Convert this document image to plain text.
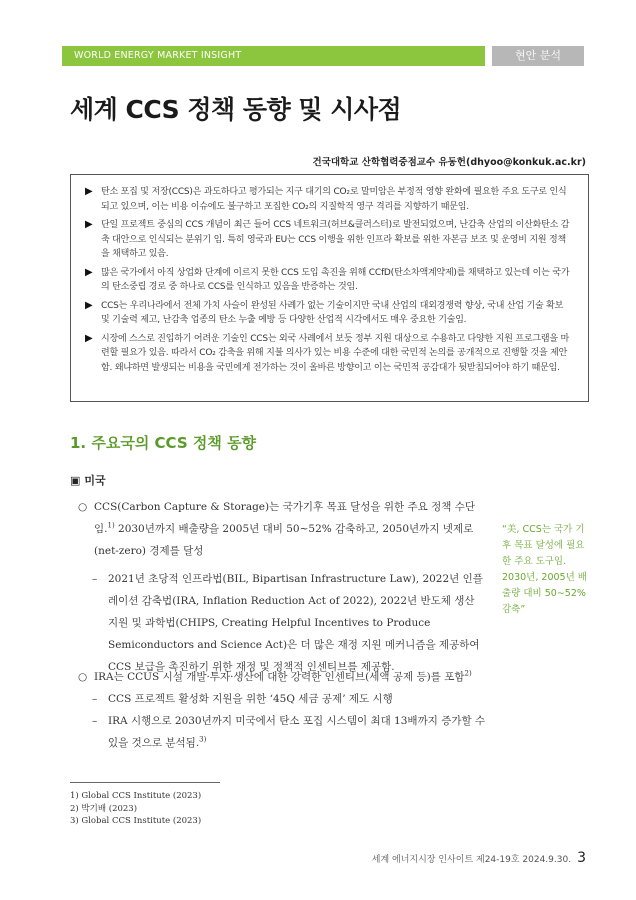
WORLD ENERGY MARKET INSIGHT	현안 분석
세계 CCS 정책 동향 및 시사점
건국대학교 산학협력중점교수 유동헌(dhyoo@konkuk.ac.kr)
▶ 탄소 포집 및 저장(CCS)은 과도하다고 평가되는 지구 대기의 CO₂로 말미암은 부정적 영향 완화에 필요한 주요 도구로 인식되고 있으며, 이는 비용 이슈에도 불구하고 포집한 CO₂의 지질학적 영구 격리를 지향하기 때문임.
▶ 단일 프로젝트 중심의 CCS 개념이 최근 들어 CCS 네트워크(허브&클러스터)로 발전되었으며, 난감축 산업의 이산화탄소 감축 대안으로 인식되는 분위기 임. 특히 영국과 EU는 CCS 이행을 위한 인프라 확보를 위한 자본금 보조 및 운영비 지원 정책을 채택하고 있음.
▶ 많은 국가에서 아직 상업화 단계에 이르지 못한 CCS 도입 촉진을 위해 CCfD(탄소차액계약제)를 채택하고 있는데 이는 국가의 탄소중립 경로 중 하나로 CCS를 인식하고 있음을 반증하는 것임.
▶ CCS는 우리나라에서 전체 가치 사슬이 완성된 사례가 없는 기술이지만 국내 산업의 대외경쟁력 향상, 국내 산업 기술 확보 및 기술력 제고, 난감축 업종의 탄소 누출 예방 등 다양한 산업적 시각에서도 매우 중요한 기술임.
▶ 시장에 스스로 진입하기 어려운 기술인 CCS는 외국 사례에서 보듯 정부 지원 대상으로 수용하고 다양한 지원 프로그램을 마련할 필요가 있음. 따라서 CO₂ 감축을 위해 지불 의사가 있는 비용 수준에 대한 국민적 논의를 공개적으로 진행할 것을 제안함. 왜냐하면 발생되는 비용을 국민에게 전가하는 것이 올바른 방향이고 이는 국민적 공감대가 뒷받침되어야 하기 때문임.
1. 주요국의 CCS 정책 동향
▣ 미국
○ CCS(Carbon Capture & Storage)는 국가기후 목표 달성을 위한 주요 정책 수단임.$^{1)}$ 2030년까지 배출량을 2005년 대비 50∼52% 감축하고, 2050년까지 넷제로(net-zero) 경제를 달성
–	2021년 초당적 인프라법(BIL, Bipartisan Infrastructure Law), 2022년 인플레이션 감축법(IRA, Inflation Reduction Act of 2022), 2022년 반도체 생산 지원 및 과학법(CHIPS, Creating Helpful Incentives to Produce Semiconductors and Science Act)은 더 많은 재정 지원 메커니즘을 제공하여 CCS 보급을 촉진하기 위한 재정 및 정책적 인센티브를 제공함.
○ IRA는 CCUS 시설 개발·투자·생산에 대한 강력한 인센티브(세액 공제 등)를 포함$^{2)}$
–	CCS 프로젝트 활성화 지원을 위한 ‘45Q 세금 공제’ 제도 시행
–	IRA 시행으로 2030년까지 미국에서 탄소 포집 시스템이 최대 13배까지 증가할 수 있을 것으로 분석됨.$^{3)}$
“美, CCS는 국가 기후 목표 달성에 필요한 주요 도구임. 2030년, 2005년 배출량 대비 50∼52% 감축”
1) Global CCS Institute (2023)
2) 박기배 (2023)
3) Global CCS Institute (2023)
세계 에너지시장 인사이트 제24-19호 2024.9.30. 3
